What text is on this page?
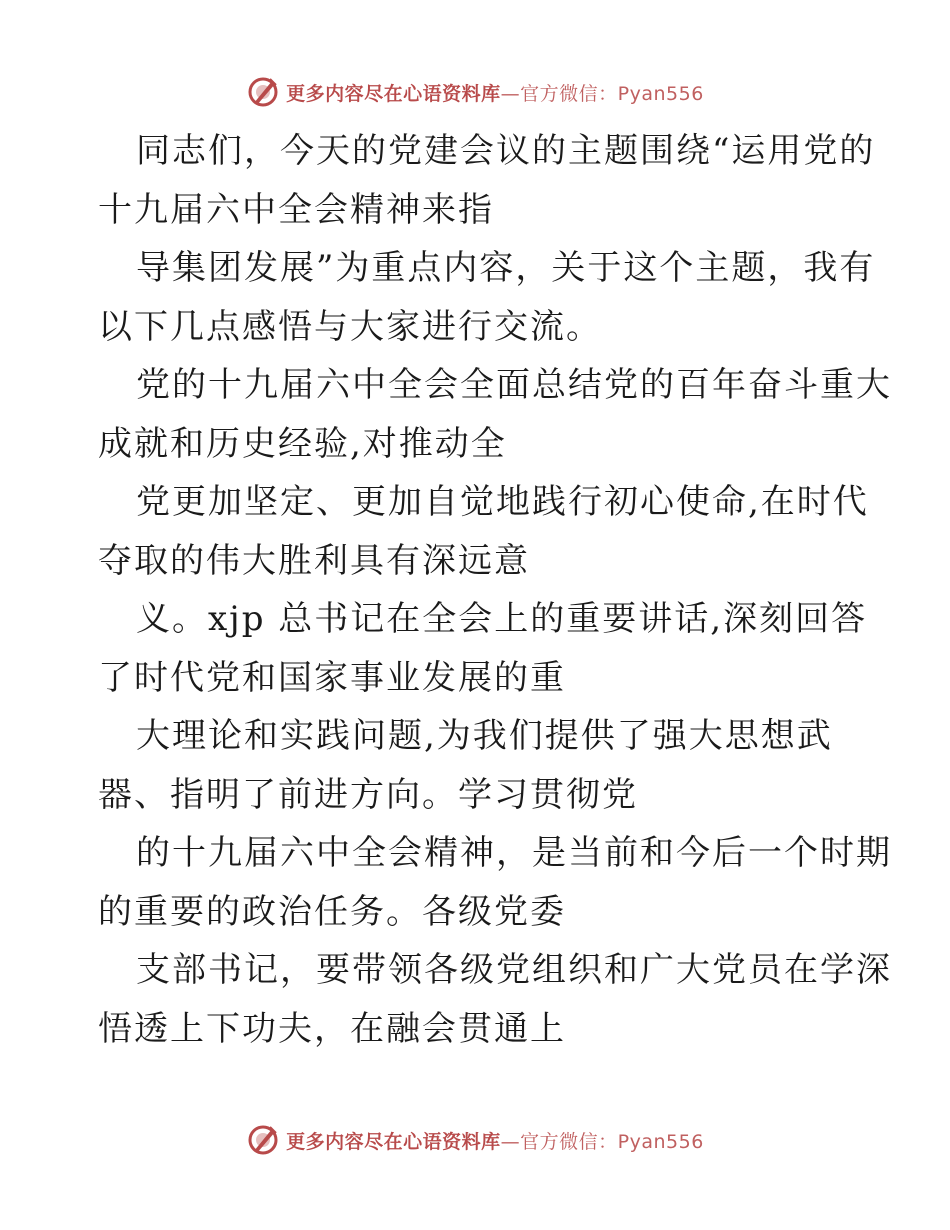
更多内容尽在心语资料库—官方微信：Pyan556
同志们，今天的党建会议的主题围绕“运用党的
十九届六中全会精神来指
导集团发展”为重点内容，关于这个主题，我有
以下几点感悟与大家进行交流。
党的十九届六中全会全面总结党的百年奋斗重大
成就和历史经验,对推动全
党更加坚定、更加自觉地践行初心使命,在时代
夺取的伟大胜利具有深远意
义。xjp 总书记在全会上的重要讲话,深刻回答
了时代党和国家事业发展的重
大理论和实践问题,为我们提供了强大思想武
器、指明了前进方向。学习贯彻党
的十九届六中全会精神，是当前和今后一个时期
的重要的政治任务。各级党委
支部书记，要带领各级党组织和广大党员在学深
悟透上下功夫，在融会贯通上
更多内容尽在心语资料库—官方微信：Pyan556
